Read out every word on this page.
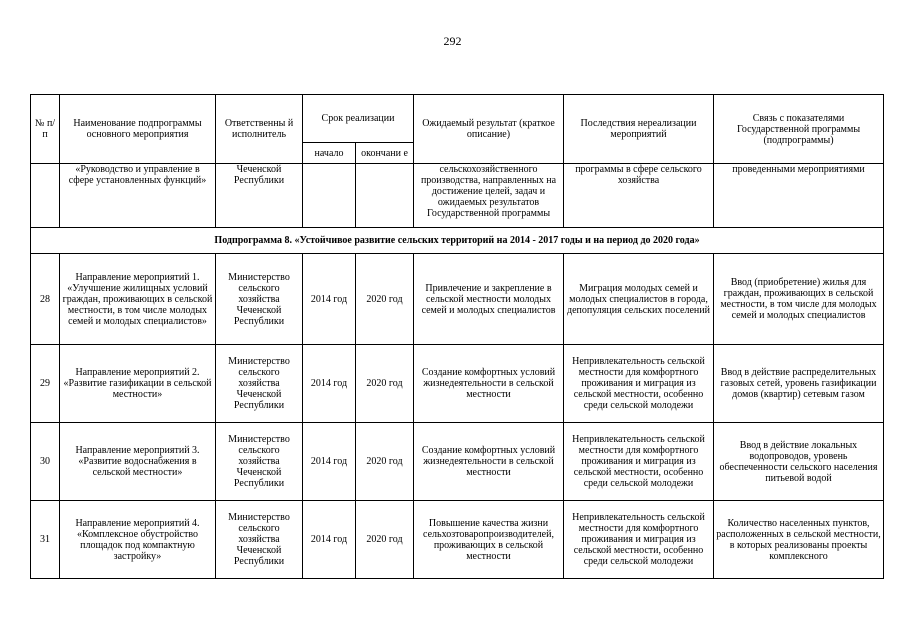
292
№ п/п	Наименование подпрограммы основного мероприятия	Ответственны й исполнитель	Срок реализации		Ожидаемый результат (краткое описание)	Последствия нереализации мероприятий	Связь с показателями Государственной программы (подпрограммы)
			начало	окончани е			
	«Руководство и управление в сфере установленных функций»	Чеченской Республики			сельскохозяйственного производства, направленных на достижение целей, задач и ожидаемых результатов Государственной программы	программы в сфере сельского хозяйства	проведенными мероприятиями
Подпрограмма 8. «Устойчивое развитие сельских территорий на 2014 - 2017 годы и на период до 2020 года»							
28	Направление мероприятий 1. «Улучшение жилищных условий граждан, проживающих в сельской местности, в том числе молодых семей и молодых специалистов»	Министерство сельского хозяйства Чеченской Республики	2014 год	2020 год	Привлечение и закрепление в сельской местности молодых семей и молодых специалистов	Миграция молодых семей и молодых специалистов в города, депопуляция сельских поселений	Ввод (приобретение) жилья для граждан, проживающих в сельской местности, в том числе для молодых семей и молодых специалистов
29	Направление мероприятий 2. «Развитие газификации в сельской местности»	Министерство сельского хозяйства Чеченской Республики	2014 год	2020 год	Создание комфортных условий жизнедеятельности в сельской местности	Непривлекательность сельской местности для комфортного проживания и миграция из сельской местности, особенно среди сельской молодежи	Ввод в действие распределительных газовых сетей, уровень газификации домов (квартир) сетевым газом
30	Направление мероприятий 3. «Развитие водоснабжения в сельской местности»	Министерство сельского хозяйства Чеченской Республики	2014 год	2020 год	Создание комфортных условий жизнедеятельности в сельской местности	Непривлекательность сельской местности для комфортного проживания и миграция из сельской местности, особенно среди сельской молодежи	Ввод в действие локальных водопроводов, уровень обеспеченности сельского населения питьевой водой
31	Направление мероприятий 4. «Комплексное обустройство площадок под компактную застройку»	Министерство сельского хозяйства Чеченской Республики	2014 год	2020 год	Повышение качества жизни сельхозтоваропроизводителей, проживающих в сельской местности	Непривлекательность сельской местности для комфортного проживания и миграция из сельской местности, особенно среди сельской молодежи	Количество населенных пунктов, расположенных в сельской местности, в которых реализованы проекты комплексного
